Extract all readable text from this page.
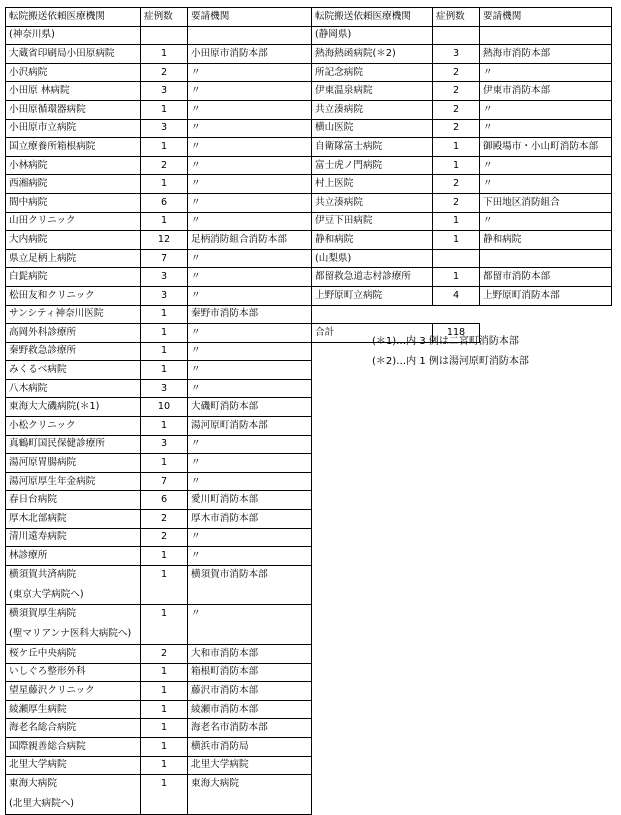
転院搬送依頼医療機関	症例数	要請機関
(神奈川県)		
大蔵省印刷局小田原病院	1	小田原市消防本部
小沢病院	2	〃
小田原 林病院	3	〃
小田原循環器病院	1	〃
小田原市立病院	3	〃
国立療養所箱根病院	1	〃
小林病院	2	〃
西湘病院	1	〃
間中病院	6	〃
山田クリニック	1	〃
大内病院	12	足柄消防組合消防本部
県立足柄上病院	7	〃
白髭病院	3	〃
松田友和クリニック	3	〃
サンシティ神奈川医院	1	秦野市消防本部
高岡外科診療所	1	〃
秦野救急診療所	1	〃
みくるべ病院	1	〃
八木病院	3	〃
東海大大磯病院(＊1)	10	大磯町消防本部
小松クリニック	1	湯河原町消防本部
真鶴町国民保健診療所	3	〃
湯河原胃腸病院	1	〃
湯河原厚生年金病院	7	〃
春日台病院	6	愛川町消防本部
厚木北部病院	2	厚木市消防本部
清川遠寿病院	2	〃
林診療所	1	〃

横須賀共済病院
(東京大学病院へ)	1	横須賀市消防本部

横須賀厚生病院
(聖マリアンナ医科大病院へ)	1	〃
桜ケ丘中央病院	2	大和市消防本部
いしぐろ整形外科	1	箱根町消防本部
望星藤沢クリニック	1	藤沢市消防本部
綾瀬厚生病院	1	綾瀬市消防本部
海老名総合病院	1	海老名市消防本部
国際親善総合病院	1	横浜市消防局
北里大学病院	1	北里大学病院

東海大病院
(北里大病院へ)	1	東海大病院
転院搬送依頼医療機関	症例数	要請機関
(静岡県)		
熱海熱函病院(＊2)	3	熱海市消防本部
所記念病院	2	〃
伊東温泉病院	2	伊東市消防本部
共立湊病院	2	〃
横山医院	2	〃
自衛隊富士病院	1	御殿場市・小山町消防本部
富士虎ノ門病院	1	〃
村上医院	2	〃
共立湊病院	2	下田地区消防組合
伊豆下田病院	1	〃
静和病院	1	静和病院
(山梨県)		
都留救急道志村診療所	1	都留市消防本部
上野原町立病院	4	上野原町消防本部

合計	118	
(＊1)…内 3 例は二宮町消防本部
(＊2)…内 1 例は湯河原町消防本部
